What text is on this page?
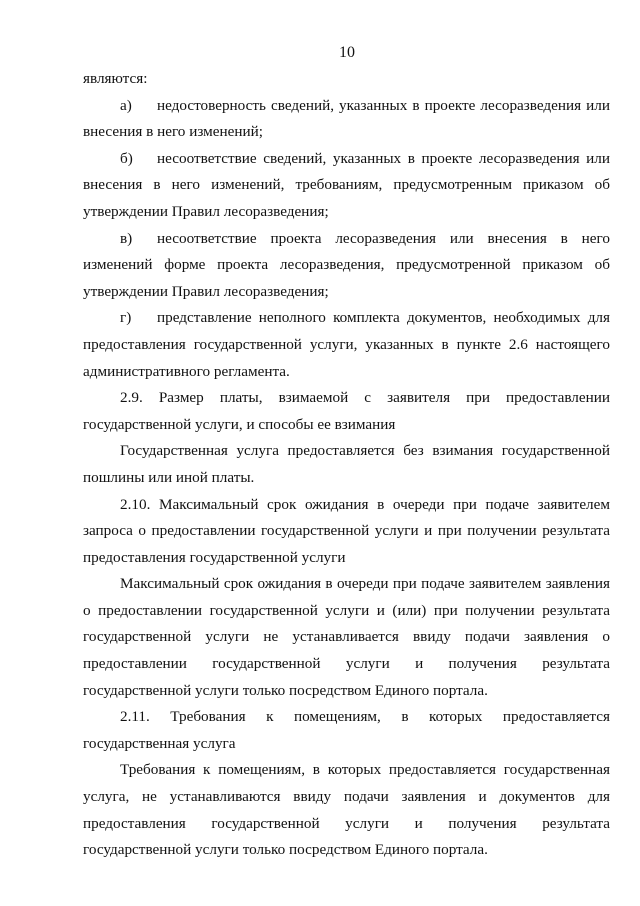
10

являются:

а) недостоверность сведений, указанных в проекте лесоразведения или внесения в него изменений;

б) несоответствие сведений, указанных в проекте лесоразведения или внесения в него изменений, требованиям, предусмотренным приказом об утверждении Правил лесоразведения;

в) несоответствие проекта лесоразведения или внесения в него изменений форме проекта лесоразведения, предусмотренной приказом об утверждении Правил лесоразведения;

г) представление неполного комплекта документов, необходимых для предоставления государственной услуги, указанных в пункте 2.6 настоящего административного регламента.

2.9. Размер платы, взимаемой с заявителя при предоставлении государственной услуги, и способы ее взимания

Государственная услуга предоставляется без взимания государственной пошлины или иной платы.

2.10. Максимальный срок ожидания в очереди при подаче заявителем запроса о предоставлении государственной услуги и при получении результата предоставления государственной услуги

Максимальный срок ожидания в очереди при подаче заявителем заявления о предоставлении государственной услуги и (или) при получении результата государственной услуги не устанавливается ввиду подачи заявления о предоставлении государственной услуги и получения результата государственной услуги только посредством Единого портала.

2.11. Требования к помещениям, в которых предоставляется государственная услуга

Требования к помещениям, в которых предоставляется государственная услуга, не устанавливаются ввиду подачи заявления и документов для предоставления государственной услуги и получения результата государственной услуги только посредством Единого портала.
